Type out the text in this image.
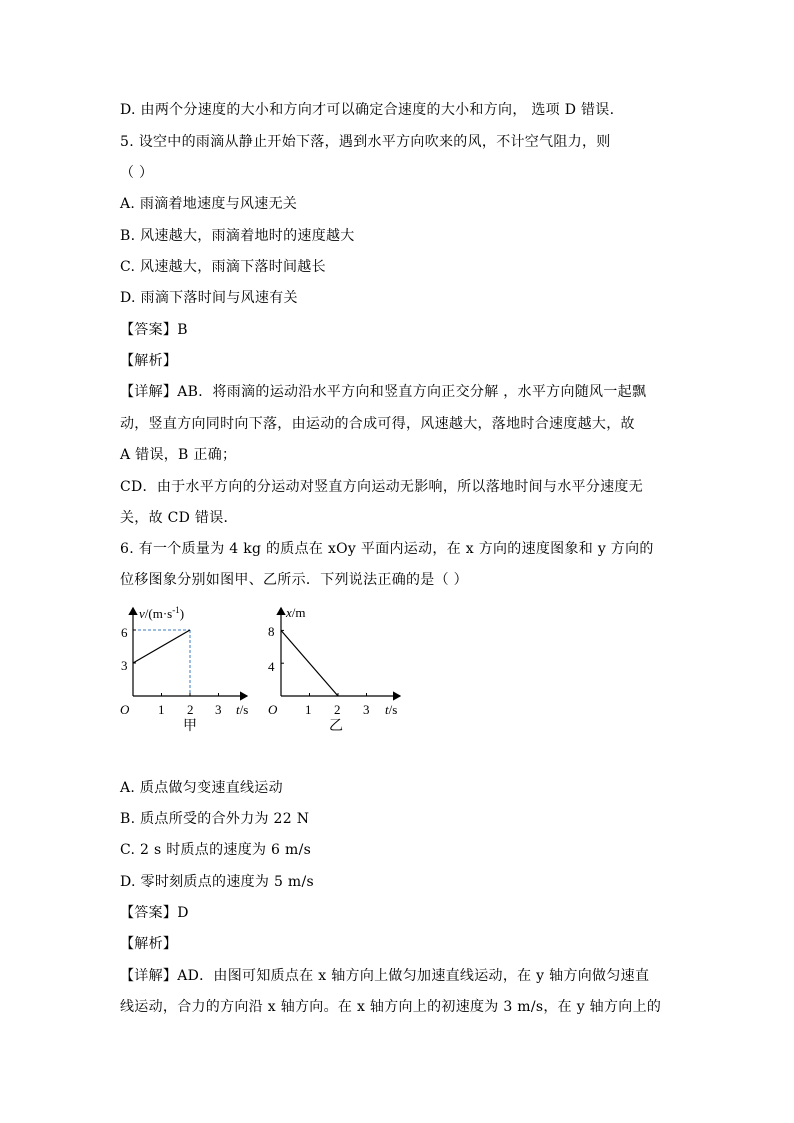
D. 由两个分速度的大小和方向才可以确定合速度的大小和方向， 选项 D 错误.
5. 设空中的雨滴从静止开始下落，遇到水平方向吹来的风，不计空气阻力，则
（ ）
A. 雨滴着地速度与风速无关
B. 风速越大，雨滴着地时的速度越大
C. 风速越大，雨滴下落时间越长
D. 雨滴下落时间与风速有关
【答案】B
【解析】
【详解】AB．将雨滴的运动沿水平方向和竖直方向正交分解 ，水平方向随风一起飘
动，竖直方向同时向下落，由运动的合成可得，风速越大，落地时合速度越大，故
A 错误，B 正确；
CD．由于水平方向的分运动对竖直方向运动无影响，所以落地时间与水平分速度无
关，故 CD 错误．
6. 有一个质量为 4 kg 的质点在 xOy 平面内运动，在 x 方向的速度图象和 y 方向的
位移图象分别如图甲、乙所示．下列说法正确的是（ ）
3
6
1 2 3
O
$v/(m\cdot s^{-1})$
t/s
甲
4
8
1 2 3
O
x/m
t/s
乙
A. 质点做匀变速直线运动
B. 质点所受的合外力为 22 N
C. 2 s 时质点的速度为 6 m/s
D. 零时刻质点的速度为 5 m/s
【答案】D
【解析】
【详解】AD．由图可知质点在 x 轴方向上做匀加速直线运动，在 y 轴方向做匀速直
线运动，合力的方向沿 x 轴方向。在 x 轴方向上的初速度为 3 m/s，在 y 轴方向上的
